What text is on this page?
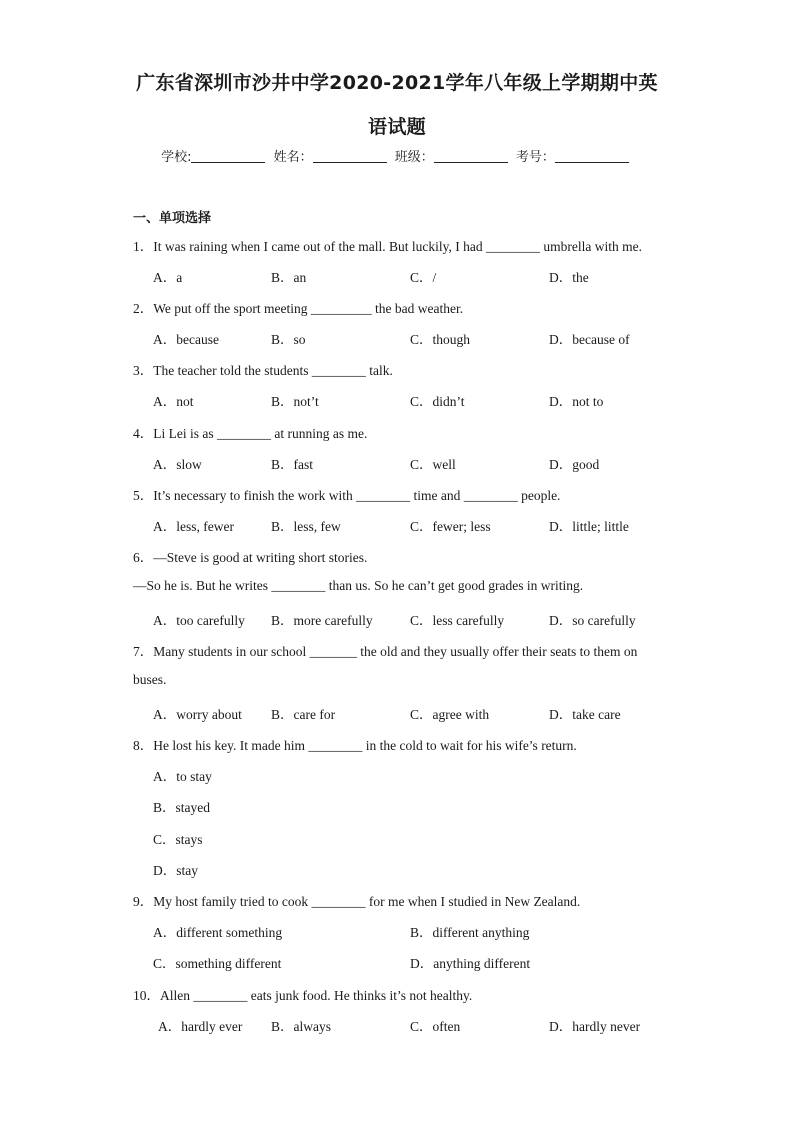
广东省深圳市沙井中学2020-2021学年八年级上学期期中英
语试题
学校:	姓名：	班级：	考号：
一、单项选择
1．It was raining when I came out of the mall. But luckily, I had ________ umbrella with me.
A．a	B．an	C．/	D．the
2．We put off the sport meeting _________ the bad weather.
A．because	B．so	C．though	D．because of
3．The teacher told the students ________ talk.
A．not	B．not’t	C．didn’t	D．not to
4．Li Lei is as ________ at running as me.
A．slow	B．fast	C．well	D．good
5．It’s necessary to finish the work with ________ time and ________ people.
A．less, fewer	B．less, few	C．fewer; less	D．little; little
6．—Steve is good at writing short stories.
—So he is. But he writes ________ than us. So he can’t get good grades in writing.
A．too carefully B．more carefully	C．less carefully	D．so carefully
7．Many students in our school _______ the old and they usually offer their seats to them on
buses.
A．worry about B．care for	C．agree with	D．take care
8．He lost his key. It made him ________ in the cold to wait for his wife’s return.
A．to stay
B．stayed
C．stays
D．stay
9．My host family tried to cook ________ for me when I studied in New Zealand.
A．different something	B．different anything
C．something different	D．anything different
10．Allen ________ eats junk food. He thinks it’s not healthy.
A．hardly ever B．always	C．often	D．hardly never
